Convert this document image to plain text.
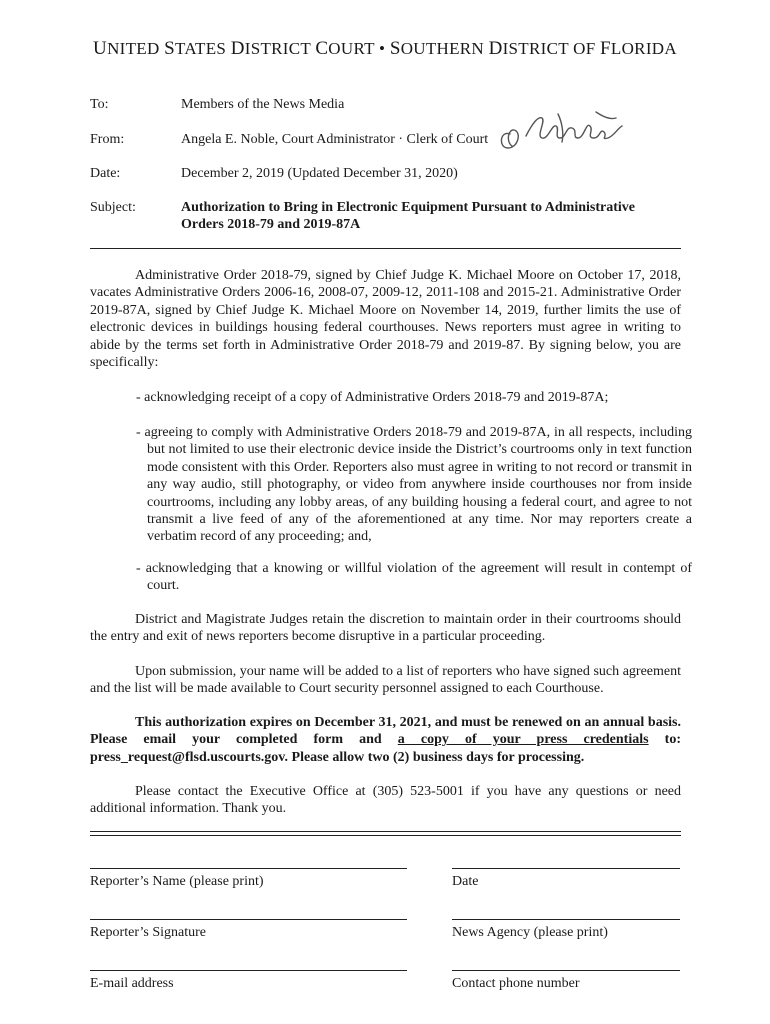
UNITED STATES DISTRICT COURT • SOUTHERN DISTRICT OF FLORIDA
To:	Members of the News Media
From:	Angela E. Noble, Court Administrator · Clerk of Court
Date:	December 2, 2019 (Updated December 31, 2020)
Subject:	Authorization to Bring in Electronic Equipment Pursuant to Administrative Orders 2018-79 and 2019-87A

Administrative Order 2018-79, signed by Chief Judge K. Michael Moore on October 17, 2018, vacates Administrative Orders 2006-16, 2008-07, 2009-12, 2011-108 and 2015-21. Administrative Order 2019-87A, signed by Chief Judge K. Michael Moore on November 14, 2019, further limits the use of electronic devices in buildings housing federal courthouses. News reporters must agree in writing to abide by the terms set forth in Administrative Order 2018-79 and 2019-87. By signing below, you are specifically:

- acknowledging receipt of a copy of Administrative Orders 2018-79 and 2019-87A;

- agreeing to comply with Administrative Orders 2018-79 and 2019-87A, in all respects, including but not limited to use their electronic device inside the District’s courtrooms only in text function mode consistent with this Order. Reporters also must agree in writing to not record or transmit in any way audio, still photography, or video from anywhere inside courthouses nor from inside courtrooms, including any lobby areas, of any building housing a federal court, and agree to not transmit a live feed of any of the aforementioned at any time. Nor may reporters create a verbatim record of any proceeding; and,

- acknowledging that a knowing or willful violation of the agreement will result in contempt of court.

District and Magistrate Judges retain the discretion to maintain order in their courtrooms should the entry and exit of news reporters become disruptive in a particular proceeding.

Upon submission, your name will be added to a list of reporters who have signed such agreement and the list will be made available to Court security personnel assigned to each Courthouse.

This authorization expires on December 31, 2021, and must be renewed on an annual basis. Please email your completed form and a copy of your press credentials to: press_request@flsd.uscourts.gov. Please allow two (2) business days for processing.

Please contact the Executive Office at (305) 523-5001 if you have any questions or need additional information. Thank you.

Reporter’s Name (please print)	Date
Reporter’s Signature	News Agency (please print)
E-mail address	Contact phone number
